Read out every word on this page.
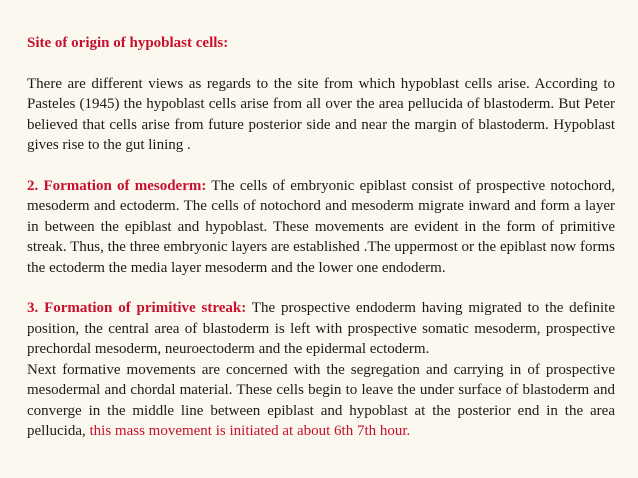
Site of origin of hypoblast cells:

There are different views as regards to the site from which hypoblast cells arise. According to Pasteles (1945) the hypoblast cells arise from all over the area pellucida of blastoderm. But Peter believed that cells arise from future posterior side and near the margin of blastoderm. Hypoblast gives rise to the gut lining .

2. Formation of mesoderm: The cells of embryonic epiblast consist of prospective notochord, mesoderm and ectoderm. The cells of notochord and mesoderm migrate inward and form a layer in between the epiblast and hypoblast. These movements are evident in the form of primitive streak. Thus, the three embryonic layers are established .The uppermost or the epiblast now forms the ectoderm the media layer mesoderm and the lower one endoderm.

3. Formation of primitive streak: The prospective endoderm having migrated to the definite position, the central area of blastoderm is left with prospective somatic mesoderm, prospective prechordal mesoderm, neuroectoderm and the epidermal ectoderm.

Next formative movements are concerned with the segregation and carrying in of prospective mesodermal and chordal material. These cells begin to leave the under surface of blastoderm and converge in the middle line between epiblast and hypoblast at the posterior end in the area pellucida, this mass movement is initiated at about 6th 7th hour.
